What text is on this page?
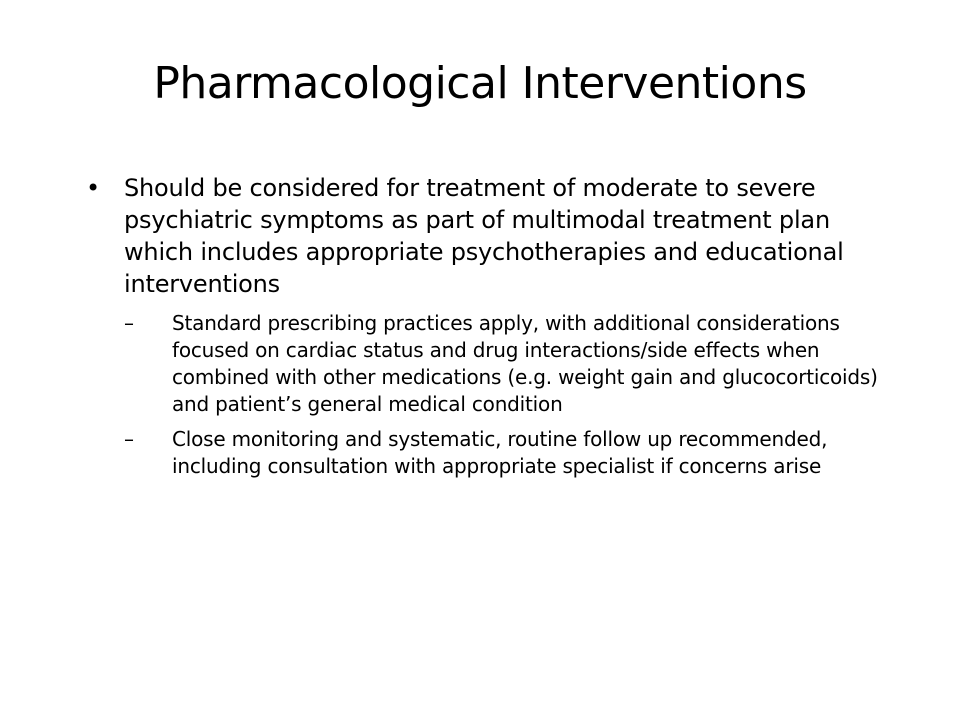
Pharmacological Interventions
• Should be considered for treatment of moderate to severe psychiatric symptoms as part of multimodal treatment plan which includes appropriate psychotherapies and educational interventions
–	Standard prescribing practices apply, with additional considerations focused on cardiac status and drug interactions/side effects when combined with other medications (e.g. weight gain and glucocorticoids) and patient’s general medical condition
–	Close monitoring and systematic, routine follow up recommended, including consultation with appropriate specialist if concerns arise
